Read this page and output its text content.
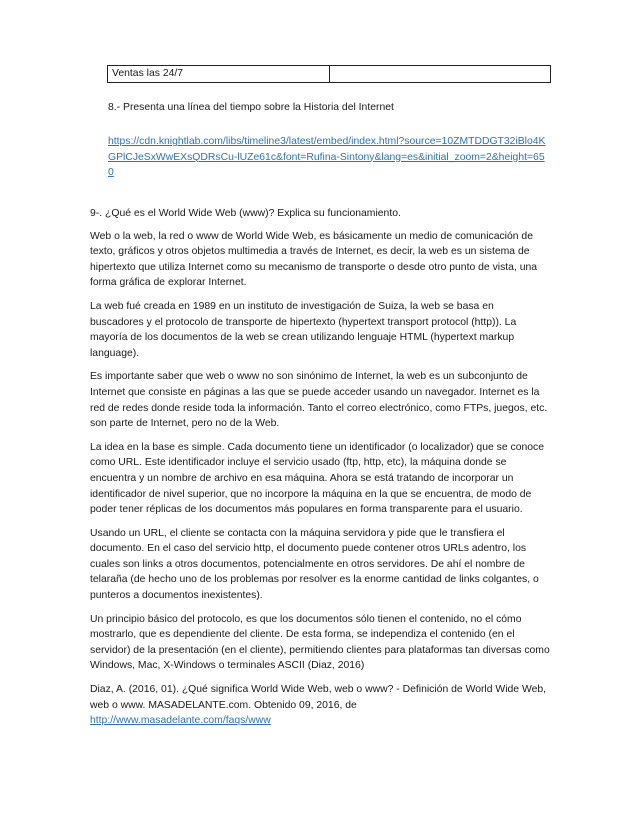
Ventas las 24/7	
8.- Presenta una línea del tiempo sobre la Historia del Internet
https://cdn.knightlab.com/libs/timeline3/latest/embed/index.html?source=10ZMTDDGT32iBlo4KGPlCJeSxWwEXsQDRsCu-lUZe61c&font=Rufina-Sintony&lang=es&initial_zoom=2&height=650

9-. ¿Qué es el World Wide Web (www)? Explica su funcionamiento.

Web o la web, la red o www de World Wide Web, es básicamente un medio de comunicación de texto, gráficos y otros objetos multimedia a través de Internet, es decir, la web es un sistema de hipertexto que utiliza Internet como su mecanismo de transporte o desde otro punto de vista, una forma gráfica de explorar Internet.

La web fué creada en 1989 en un instituto de investigación de Suiza, la web se basa en buscadores y el protocolo de transporte de hipertexto (hypertext transport protocol (http)). La mayoría de los documentos de la web se crean utilizando lenguaje HTML (hypertext markup language).

Es importante saber que web o www no son sinónimo de Internet, la web es un subconjunto de Internet que consiste en páginas a las que se puede acceder usando un navegador. Internet es la red de redes donde reside toda la información. Tanto el correo electrónico, como FTPs, juegos, etc. son parte de Internet, pero no de la Web.

La idea en la base es simple. Cada documento tiene un identificador (o localizador) que se conoce como URL. Este identificador incluye el servicio usado (ftp, http, etc), la máquina donde se encuentra y un nombre de archivo en esa máquina. Ahora se está tratando de incorporar un identificador de nivel superior, que no incorpore la máquina en la que se encuentra, de modo de poder tener réplicas de los documentos más populares en forma transparente para el usuario.

Usando un URL, el cliente se contacta con la máquina servidora y pide que le transfiera el documento. En el caso del servicio http, el documento puede contener otros URLs adentro, los cuales son links a otros documentos, potencialmente en otros servidores. De ahí el nombre de telaraña (de hecho uno de los problemas por resolver es la enorme cantidad de links colgantes, o punteros a documentos inexistentes).

Un principio básico del protocolo, es que los documentos sólo tienen el contenido, no el cómo mostrarlo, que es dependiente del cliente. De esta forma, se independiza el contenido (en el servidor) de la presentación (en el cliente), permitiendo clientes para plataformas tan diversas como Windows, Mac, X-Windows o terminales ASCII (Diaz, 2016)

Diaz, A. (2016, 01). ¿Qué significa World Wide Web, web o www? - Definición de World Wide Web, web o www. MASADELANTE.com. Obtenido 09, 2016, de
http://www.masadelante.com/faqs/www
